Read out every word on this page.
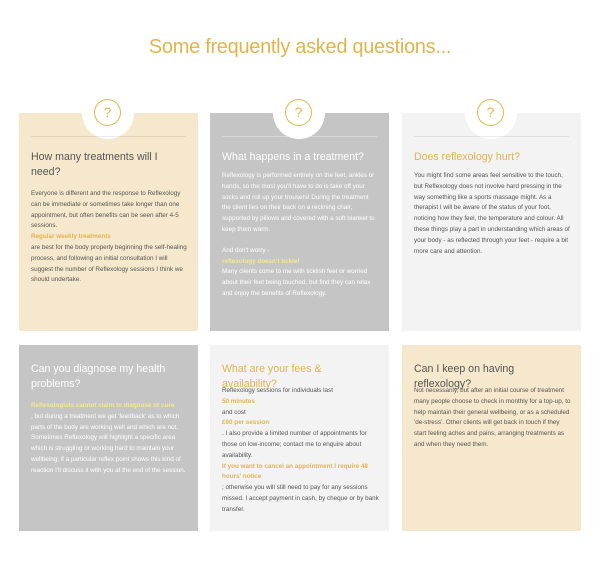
Some frequently asked questions...
?
How many treatments will I need?

Everyone is different and the response to Reflexology can be immediate or sometimes take longer than one appointment, but often benefits can be seen after 4-5 sessions.

Regular weekly treatments

are best for the body properly beginning the self-healing process, and following an initial consultation I will suggest the number of Reflexology sessions I think we should undertake.

?
What happens in a treatment?

Reflexology is performed entirely on the feet, ankles or hands, so the most you'll have to do is take off your socks and roll up your trousers! During the treatment the client lies on their back on a reclining chair, supported by pillows and covered with a soft blanket to keep them warm.

And don't worry -

reflexology doesn't tickle!

Many clients come to me with ticklish feet or worried about their feet being touched, but find they can relax and enjoy the benefits of Reflexology.

?
Does reflexology hurt?

You might find some areas feel sensitive to the touch, but Reflexology does not involve hard pressing in the way something like a sports massage might. As a therapist I will be aware of the status of your foot, noticing how they feel, the temperature and colour. All these things play a part in understanding which areas of your body - as reflected through your feet - require a bit more care and attention.

Can you diagnose my health problems?

Reflexologists cannot claim to diagnose or cure

, but during a treatment we get 'feedback' as to which parts of the body are working well and which are not. Sometimes Reflexology will highlight a specific area which is struggling or working hard to maintain your wellbeing; if a particular reflex point shows this kind of reaction I'll discuss it with you at the end of the session.

What are your fees & availability?

Reflexology sessions for individuals last

50 minutes

and cost

£60 per session

. I also provide a limited number of appointments for those on low-income; contact me to enquire about availability.

If you want to cancel an appointment I require 48 hours' notice

; otherwise you will still need to pay for any sessions missed. I accept payment in cash, by cheque or by bank transfer.

Can I keep on having reflexology?

Not necessarily, but after an initial course of treatment many people choose to check in monthly for a top-up, to help maintain their general wellbeing, or as a scheduled 'de-stress'. Other clients will get back in touch if they start feeling aches and pains, arranging treatments as and when they need them.
